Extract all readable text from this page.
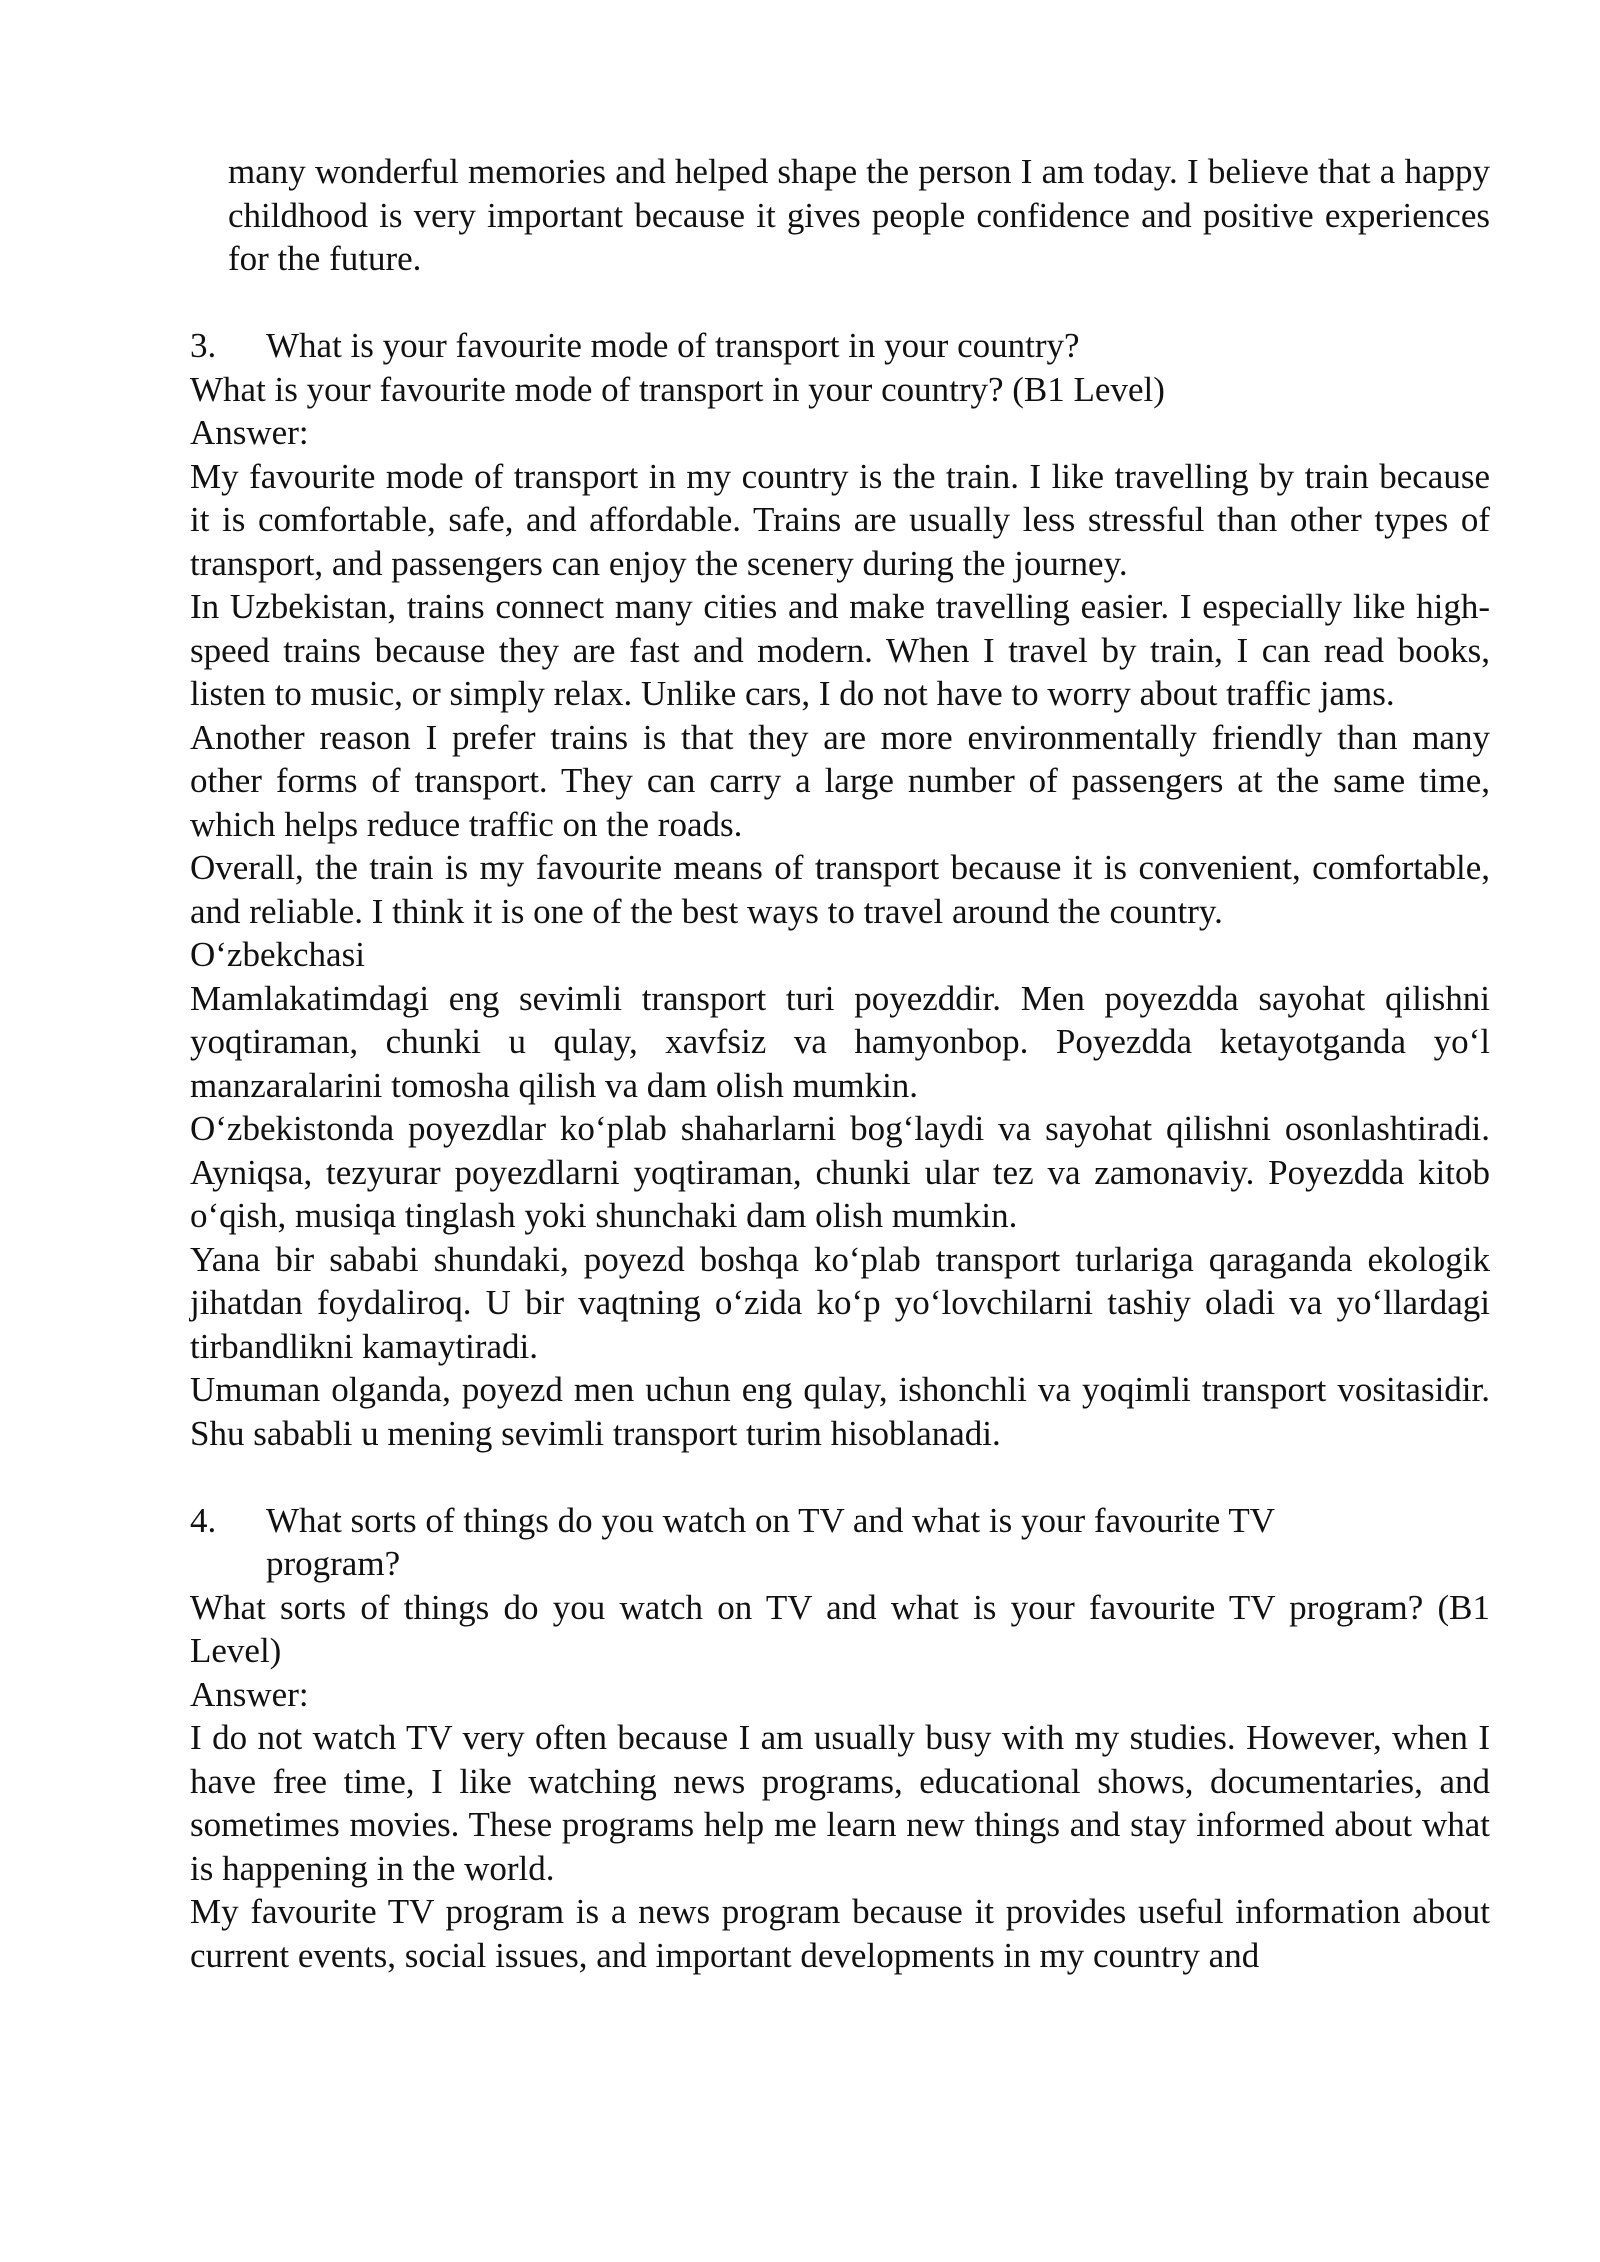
many wonderful memories and helped shape the person I am today. I believe that a happy childhood is very important because it gives people confidence and positive experiences for the future.

3.	What is your favourite mode of transport in your country?

What is your favourite mode of transport in your country? (B1 Level)

Answer:

My favourite mode of transport in my country is the train. I like travelling by train because it is comfortable, safe, and affordable. Trains are usually less stressful than other types of transport, and passengers can enjoy the scenery during the journey.

In Uzbekistan, trains connect many cities and make travelling easier. I especially like high-speed trains because they are fast and modern. When I travel by train, I can read books, listen to music, or simply relax. Unlike cars, I do not have to worry about traffic jams.

Another reason I prefer trains is that they are more environmentally friendly than many other forms of transport. They can carry a large number of passengers at the same time, which helps reduce traffic on the roads.

Overall, the train is my favourite means of transport because it is convenient, comfortable, and reliable. I think it is one of the best ways to travel around the country.

O‘zbekchasi

Mamlakatimdagi eng sevimli transport turi poyezddir. Men poyezdda sayohat qilishni yoqtiraman, chunki u qulay, xavfsiz va hamyonbop. Poyezdda ketayotganda yo‘l manzaralarini tomosha qilish va dam olish mumkin.

O‘zbekistonda poyezdlar ko‘plab shaharlarni bog‘laydi va sayohat qilishni osonlashtiradi. Ayniqsa, tezyurar poyezdlarni yoqtiraman, chunki ular tez va zamonaviy. Poyezdda kitob o‘qish, musiqa tinglash yoki shunchaki dam olish mumkin.

Yana bir sababi shundaki, poyezd boshqa ko‘plab transport turlariga qaraganda ekologik jihatdan foydaliroq. U bir vaqtning o‘zida ko‘p yo‘lovchilarni tashiy oladi va yo‘llardagi tirbandlikni kamaytiradi.

Umuman olganda, poyezd men uchun eng qulay, ishonchli va yoqimli transport vositasidir. Shu sababli u mening sevimli transport turim hisoblanadi.

4.	What sorts of things do you watch on TV and what is your favourite TV program?

What sorts of things do you watch on TV and what is your favourite TV program? (B1 Level)

Answer:

I do not watch TV very often because I am usually busy with my studies. However, when I have free time, I like watching news programs, educational shows, documentaries, and sometimes movies. These programs help me learn new things and stay informed about what is happening in the world.

My favourite TV program is a news program because it provides useful information about current events, social issues, and important developments in my country and
